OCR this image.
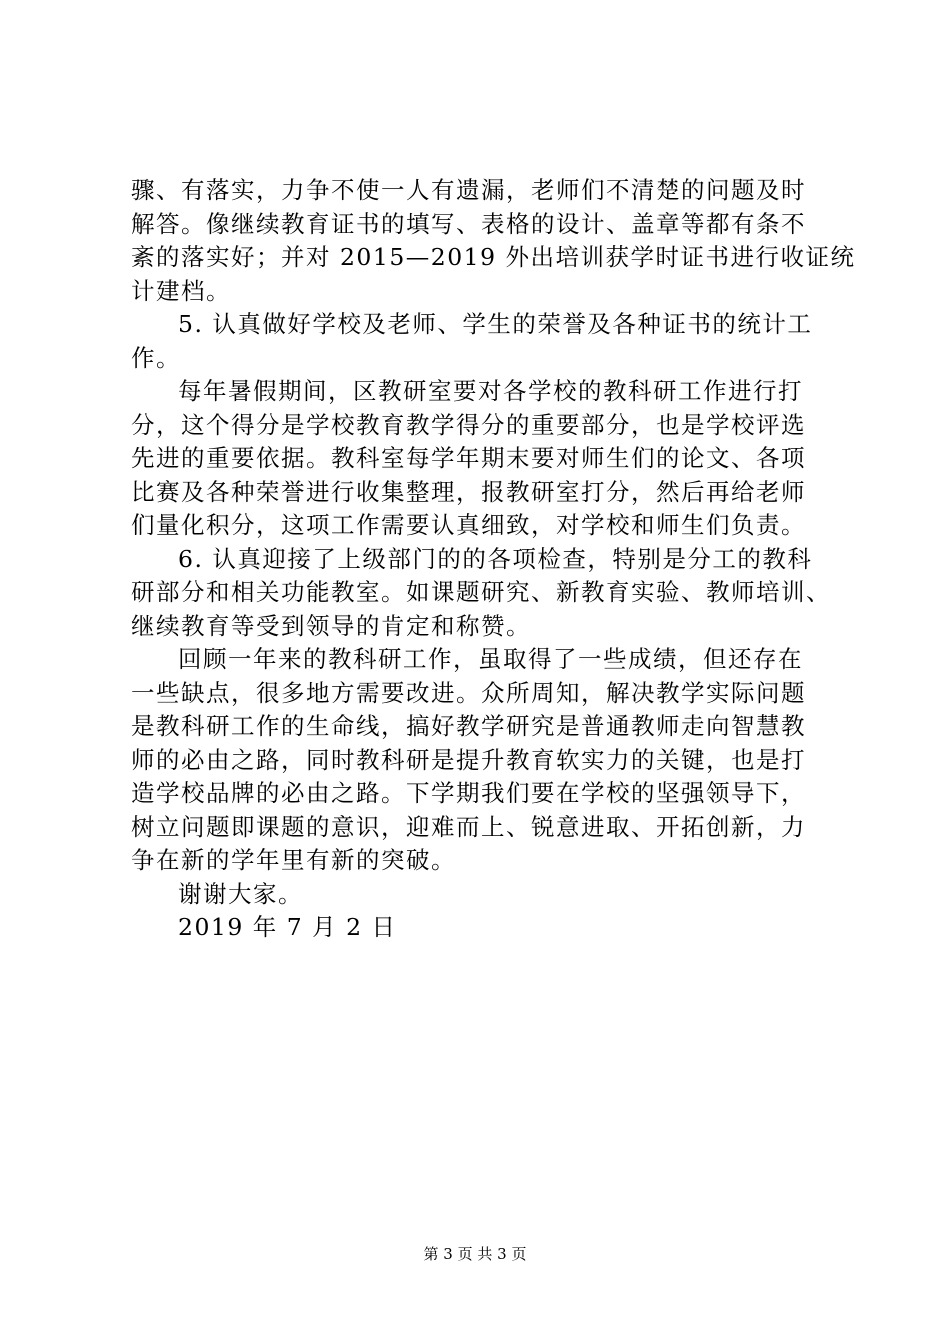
骤、有落实，力争不使一人有遗漏，老师们不清楚的问题及时
解答。像继续教育证书的填写、表格的设计、盖章等都有条不
紊的落实好；并对 2015—2019 外出培训获学时证书进行收证统
计建档。
5. 认真做好学校及老师、学生的荣誉及各种证书的统计工
作。
每年暑假期间，区教研室要对各学校的教科研工作进行打
分，这个得分是学校教育教学得分的重要部分，也是学校评选
先进的重要依据。教科室每学年期末要对师生们的论文、各项
比赛及各种荣誉进行收集整理，报教研室打分，然后再给老师
们量化积分，这项工作需要认真细致，对学校和师生们负责。
6. 认真迎接了上级部门的的各项检查，特别是分工的教科
研部分和相关功能教室。如课题研究、新教育实验、教师培训、
继续教育等受到领导的肯定和称赞。
回顾一年来的教科研工作，虽取得了一些成绩，但还存在
一些缺点，很多地方需要改进。众所周知，解决教学实际问题
是教科研工作的生命线，搞好教学研究是普通教师走向智慧教
师的必由之路，同时教科研是提升教育软实力的关键，也是打
造学校品牌的必由之路。下学期我们要在学校的坚强领导下，
树立问题即课题的意识，迎难而上、锐意进取、开拓创新，力
争在新的学年里有新的突破。
谢谢大家。
2019 年 7 月 2 日
第 3 页 共 3 页
